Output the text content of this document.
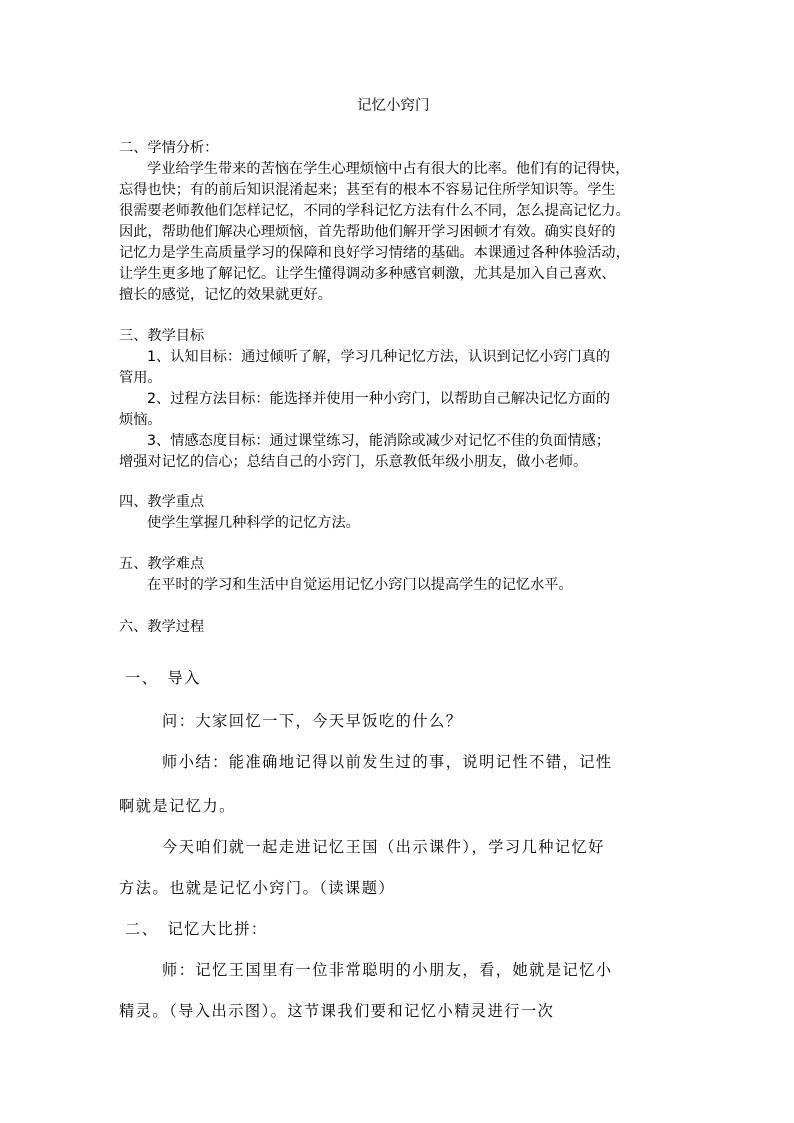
记忆小窍门
二、学情分析：
学业给学生带来的苦恼在学生心理烦恼中占有很大的比率。他们有的记得快，
忘得也快；有的前后知识混淆起来；甚至有的根本不容易记住所学知识等。学生
很需要老师教他们怎样记忆，不同的学科记忆方法有什么不同，怎么提高记忆力。
因此，帮助他们解决心理烦恼，首先帮助他们解开学习困顿才有效。确实良好的
记忆力是学生高质量学习的保障和良好学习情绪的基础。本课通过各种体验活动，
让学生更多地了解记忆。让学生懂得调动多种感官刺激，尤其是加入自己喜欢、
擅长的感觉，记忆的效果就更好。
三、教学目标
1、认知目标：通过倾听了解，学习几种记忆方法，认识到记忆小窍门真的
管用。
2、过程方法目标：能选择并使用一种小窍门，以帮助自己解决记忆方面的
烦恼。
3、情感态度目标：通过课堂练习，能消除或减少对记忆不佳的负面情感；
增强对记忆的信心；总结自己的小窍门，乐意教低年级小朋友，做小老师。
四、教学重点
使学生掌握几种科学的记忆方法。
五、教学难点
在平时的学习和生活中自觉运用记忆小窍门以提高学生的记忆水平。
六、教学过程
一、　导入
问：大家回忆一下，今天早饭吃的什么？
师小结：能准确地记得以前发生过的事，说明记性不错，记性
啊就是记忆力。
今天咱们就一起走进记忆王国（出示课件），学习几种记忆好
方法。也就是记忆小窍门。（读课题）
二、　记忆大比拼：
师：记忆王国里有一位非常聪明的小朋友，看，她就是记忆小
精灵。（导入出示图）。这节课我们要和记忆小精灵进行一次
